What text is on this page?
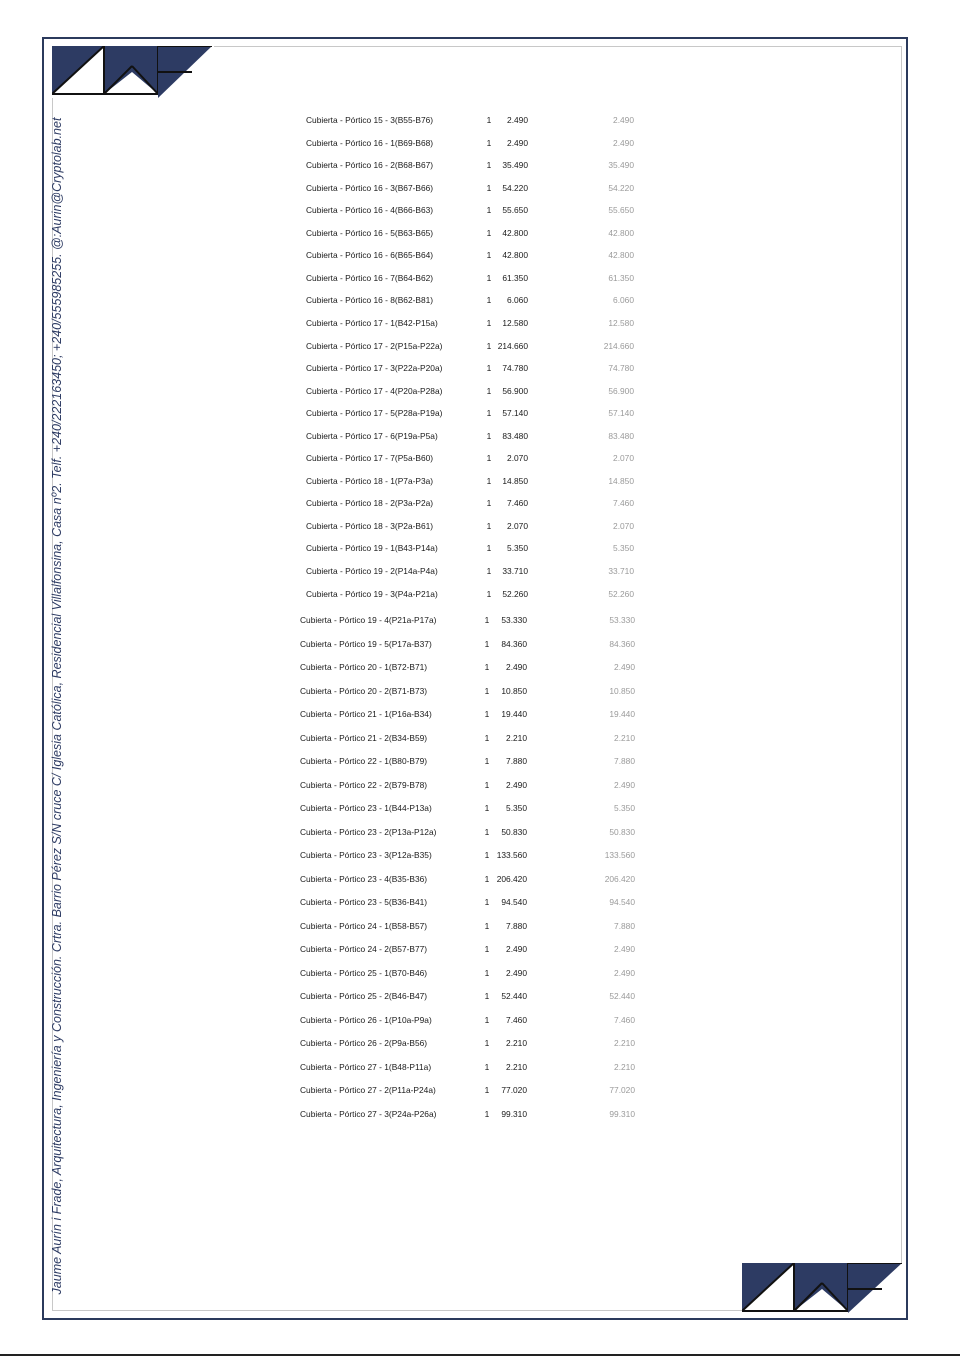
Jaume Aurín i Frade, Arquitectura, Ingeniería y Construcción. Crtra. Barrio Pérez S/N cruce C/ Iglesia Católica, Residencial Villalfonsina, Casa nº2. Telf. +240/222163450; +240/555985255. @:Aurin@Cryptolab.net	Cubierta - Pórtico 15 - 3(B55-B76)	1	2.490	2.490
Cubierta - Pórtico 16 - 1(B69-B68)	1	2.490	2.490
Cubierta - Pórtico 16 - 2(B68-B67)	1	35.490	35.490
Cubierta - Pórtico 16 - 3(B67-B66)	1	54.220	54.220
Cubierta - Pórtico 16 - 4(B66-B63)	1	55.650	55.650
Cubierta - Pórtico 16 - 5(B63-B65)	1	42.800	42.800
Cubierta - Pórtico 16 - 6(B65-B64)	1	42.800	42.800
Cubierta - Pórtico 16 - 7(B64-B62)	1	61.350	61.350
Cubierta - Pórtico 16 - 8(B62-B81)	1	6.060	6.060
Cubierta - Pórtico 17 - 1(B42-P15a)	1	12.580	12.580
Cubierta - Pórtico 17 - 2(P15a-P22a)	1 214.660	214.660
Cubierta - Pórtico 17 - 3(P22a-P20a)	1	74.780	74.780
Cubierta - Pórtico 17 - 4(P20a-P28a)	1	56.900	56.900
Cubierta - Pórtico 17 - 5(P28a-P19a)	1	57.140	57.140
Cubierta - Pórtico 17 - 6(P19a-P5a)	1	83.480	83.480
Cubierta - Pórtico 17 - 7(P5a-B60)	1	2.070	2.070
Cubierta - Pórtico 18 - 1(P7a-P3a)	1	14.850	14.850
Cubierta - Pórtico 18 - 2(P3a-P2a)	1	7.460	7.460
Cubierta - Pórtico 18 - 3(P2a-B61)	1	2.070	2.070
Cubierta - Pórtico 19 - 1(B43-P14a)	1	5.350	5.350
Cubierta - Pórtico 19 - 2(P14a-P4a)	1	33.710	33.710
Cubierta - Pórtico 19 - 3(P4a-P21a)	1	52.260	52.260
Cubierta - Pórtico 19 - 4(P21a-P17a)	1	53.330	53.330
Cubierta - Pórtico 19 - 5(P17a-B37)	1	84.360	84.360
Cubierta - Pórtico 20 - 1(B72-B71)	1	2.490	2.490
Cubierta - Pórtico 20 - 2(B71-B73)	1	10.850	10.850
Cubierta - Pórtico 21 - 1(P16a-B34)	1	19.440	19.440
Cubierta - Pórtico 21 - 2(B34-B59)	1	2.210	2.210
Cubierta - Pórtico 22 - 1(B80-B79)	1	7.880	7.880
Cubierta - Pórtico 22 - 2(B79-B78)	1	2.490	2.490
Cubierta - Pórtico 23 - 1(B44-P13a)	1	5.350	5.350
Cubierta - Pórtico 23 - 2(P13a-P12a)	1	50.830	50.830
Cubierta - Pórtico 23 - 3(P12a-B35)	1 133.560	133.560
Cubierta - Pórtico 23 - 4(B35-B36)	1 206.420	206.420
Cubierta - Pórtico 23 - 5(B36-B41)	1	94.540	94.540
Cubierta - Pórtico 24 - 1(B58-B57)	1	7.880	7.880
Cubierta - Pórtico 24 - 2(B57-B77)	1	2.490	2.490
Cubierta - Pórtico 25 - 1(B70-B46)	1	2.490	2.490
Cubierta - Pórtico 25 - 2(B46-B47)	1	52.440	52.440
Cubierta - Pórtico 26 - 1(P10a-P9a)	1	7.460	7.460
Cubierta - Pórtico 26 - 2(P9a-B56)	1	2.210	2.210
Cubierta - Pórtico 27 - 1(B48-P11a)	1	2.210	2.210
Cubierta - Pórtico 27 - 2(P11a-P24a)	1	77.020	77.020
Cubierta - Pórtico 27 - 3(P24a-P26a)	1	99.310	99.310
